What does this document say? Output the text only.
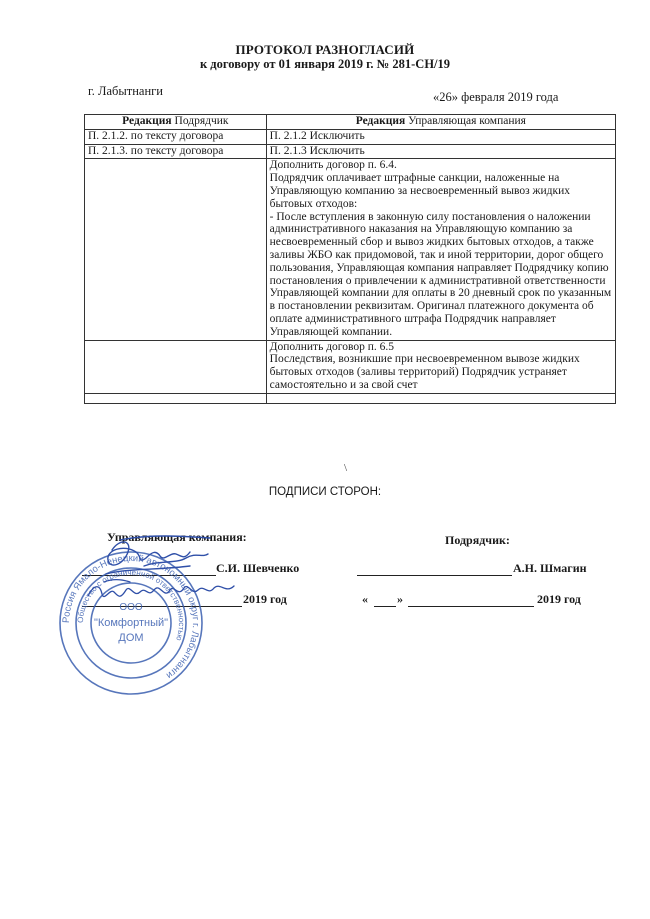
ПРОТОКОЛ РАЗНОГЛАСИЙ
к договору от 01 января 2019 г. № 281-СН/19
г. Лабытнанги	«26» февраля 2019 года
Редакция Подрядчик	Редакция Управляющая компания
П. 2.1.2. по тексту договора	П. 2.1.2 Исключить
П. 2.1.3. по тексту договора	П. 2.1.3 Исключить

	Дополнить договор п. 6.4.
Подрядчик оплачивает штрафные санкции, наложенные на Управляющую компанию за несвоевременный вывоз жидких бытовых отходов:
- После вступления в законную силу постановления о наложении административного наказания на Управляющую компанию за несвоевременный сбор и вывоз жидких бытовых отходов, а также заливы ЖБО как придомовой, так и иной территории, дорог общего пользования, Управляющая компания направляет Подрядчику копию постановления о привлечении к административной ответственности Управляющей компании для оплаты в 20 дневный срок по указанным в постановлении реквизитам. Оригинал платежного документа об оплате административного штрафа Подрядчик направляет Управляющей компании.

	Дополнить договор п. 6.5
Последствия, возникшие при несвоевременном вывозе жидких бытовых отходов (заливы территорий) Подрядчик устраняет самостоятельно и за свой счет

\
ПОДПИСИ СТОРОН:
Управляющая компания:	Подрядчик:
С.И. Шевченко	А.Н. Шмагин
2019 год	« »	2019 год
Россия Ямало-Ненецкий автономный округ г. Лабытнанги
Общество с ограниченной ответственностью
ООО
"Комфортный"
ДОМ
